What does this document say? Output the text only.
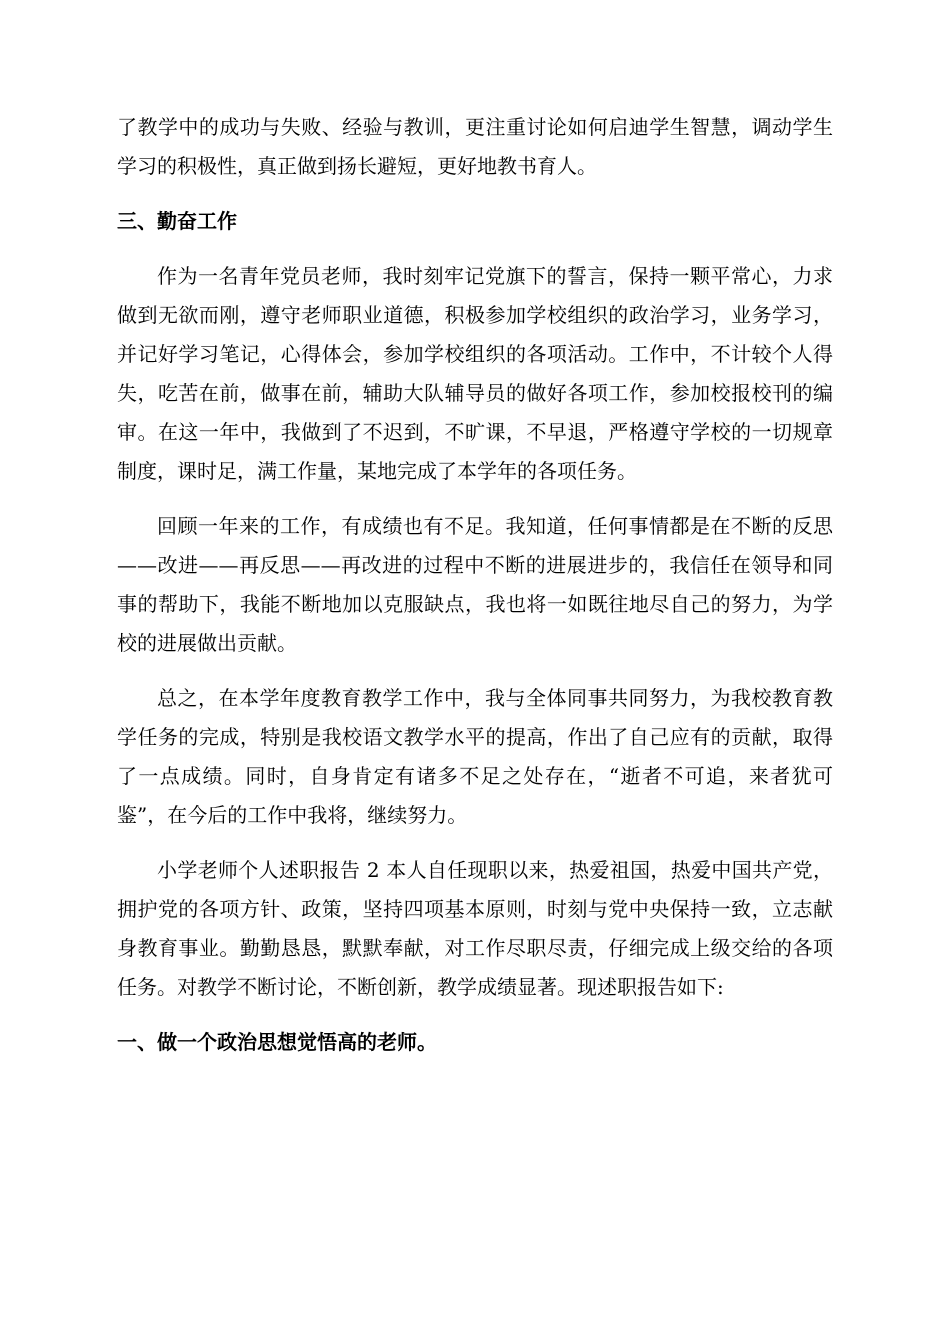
了教学中的成功与失败、经验与教训，更注重讨论如何启迪学生智慧，调动学生学习的积极性，真正做到扬长避短，更好地教书育人。

三、勤奋工作

作为一名青年党员老师，我时刻牢记党旗下的誓言，保持一颗平常心，力求做到无欲而刚，遵守老师职业道德，积极参加学校组织的政治学习，业务学习，并记好学习笔记，心得体会，参加学校组织的各项活动。工作中，不计较个人得失，吃苦在前，做事在前，辅助大队辅导员的做好各项工作，参加校报校刊的编审。在这一年中，我做到了不迟到，不旷课，不早退，严格遵守学校的一切规章制度，课时足，满工作量，某地完成了本学年的各项任务。

回顾一年来的工作，有成绩也有不足。我知道，任何事情都是在不断的反思——改进——再反思——再改进的过程中不断的进展进步的，我信任在领导和同事的帮助下，我能不断地加以克服缺点，我也将一如既往地尽自己的努力，为学校的进展做出贡献。

总之，在本学年度教育教学工作中，我与全体同事共同努力，为我校教育教学任务的完成，特别是我校语文教学水平的提高，作出了自己应有的贡献，取得了一点成绩。同时，自身肯定有诸多不足之处存在，“逝者不可追，来者犹可鉴”，在今后的工作中我将，继续努力。

小学老师个人述职报告 2 本人自任现职以来，热爱祖国，热爱中国共产党，拥护党的各项方针、政策，坚持四项基本原则，时刻与党中央保持一致，立志献身教育事业。勤勤恳恳，默默奉献，对工作尽职尽责，仔细完成上级交给的各项任务。对教学不断讨论，不断创新，教学成绩显著。现述职报告如下:

一、做一个政治思想觉悟高的老师。
